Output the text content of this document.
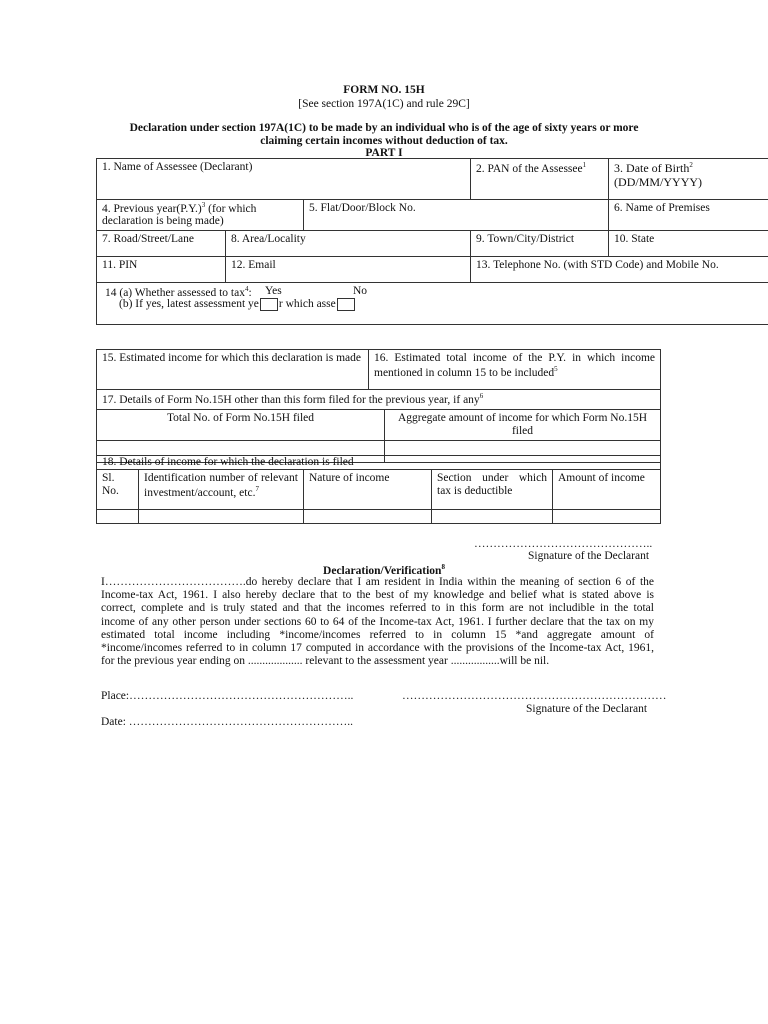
FORM NO. 15H
[See section 197A(1C) and rule 29C]
Declaration under section 197A(1C) to be made by an individual who is of the age of sixty years or more
claiming certain incomes without deduction of tax.
PART I
1. Name of Assessee (Declarant)			2. PAN of the Assessee$^1$	3. Date of Birth$^2$
(DD/MM/YYYY)
4. Previous $year(P.Y.)^3$ (for which
declaration is being made)		5. Flat/Door/Block No.		6. Name of Premises
7. Road/Street/Lane	8. Area/Locality		9. Town/City/District	10. State
11. PIN	12. Email		13. Telephone No. (with STD Code) and Mobile No.	

14 (a) Whether assessed to tax$^4$: Yes No
(b) If yes, latest assessment ye r which asse				
15. Estimated income for which this declaration is made	16. Estimated total income of the P.Y. in which income mentioned in column 15 to be included$^5$
17. Details of Form No.15H other than this form filed for the previous year, if any$^6$
Total No. of Form No.15H filed	Aggregate amount of income for which Form No.15H filed

18. Details of income for which the declaration is filed				
Sl. No.	Identification number of relevant investment/account, etc.$^7$	Nature of income	Section under which tax is deductible	Amount of income

………………………………………..
Signature of the Declarant
Declaration/Verification$^8$

I……………………………….do hereby declare that I am resident in India within the meaning of section 6 of the

Income-tax Act, 1961. I also hereby declare that to the best of my knowledge and belief what is stated above is

correct, complete and is truly stated and that the incomes referred to in this form are not includible in the total

income of any other person under sections 60 to 64 of the Income-tax Act, 1961. I further declare that the tax on my

estimated total income including *income/incomes referred to in column 15 *and aggregate amount of

*income/incomes referred to in column 17 computed in accordance with the provisions of the Income-tax Act, 1961,

for the previous year ending on ................... relevant to the assessment year .................will be nil.

Place:…………………………………………………..	……………………………………………………………
Signature of the Declarant
Date: …………………………………………………..
